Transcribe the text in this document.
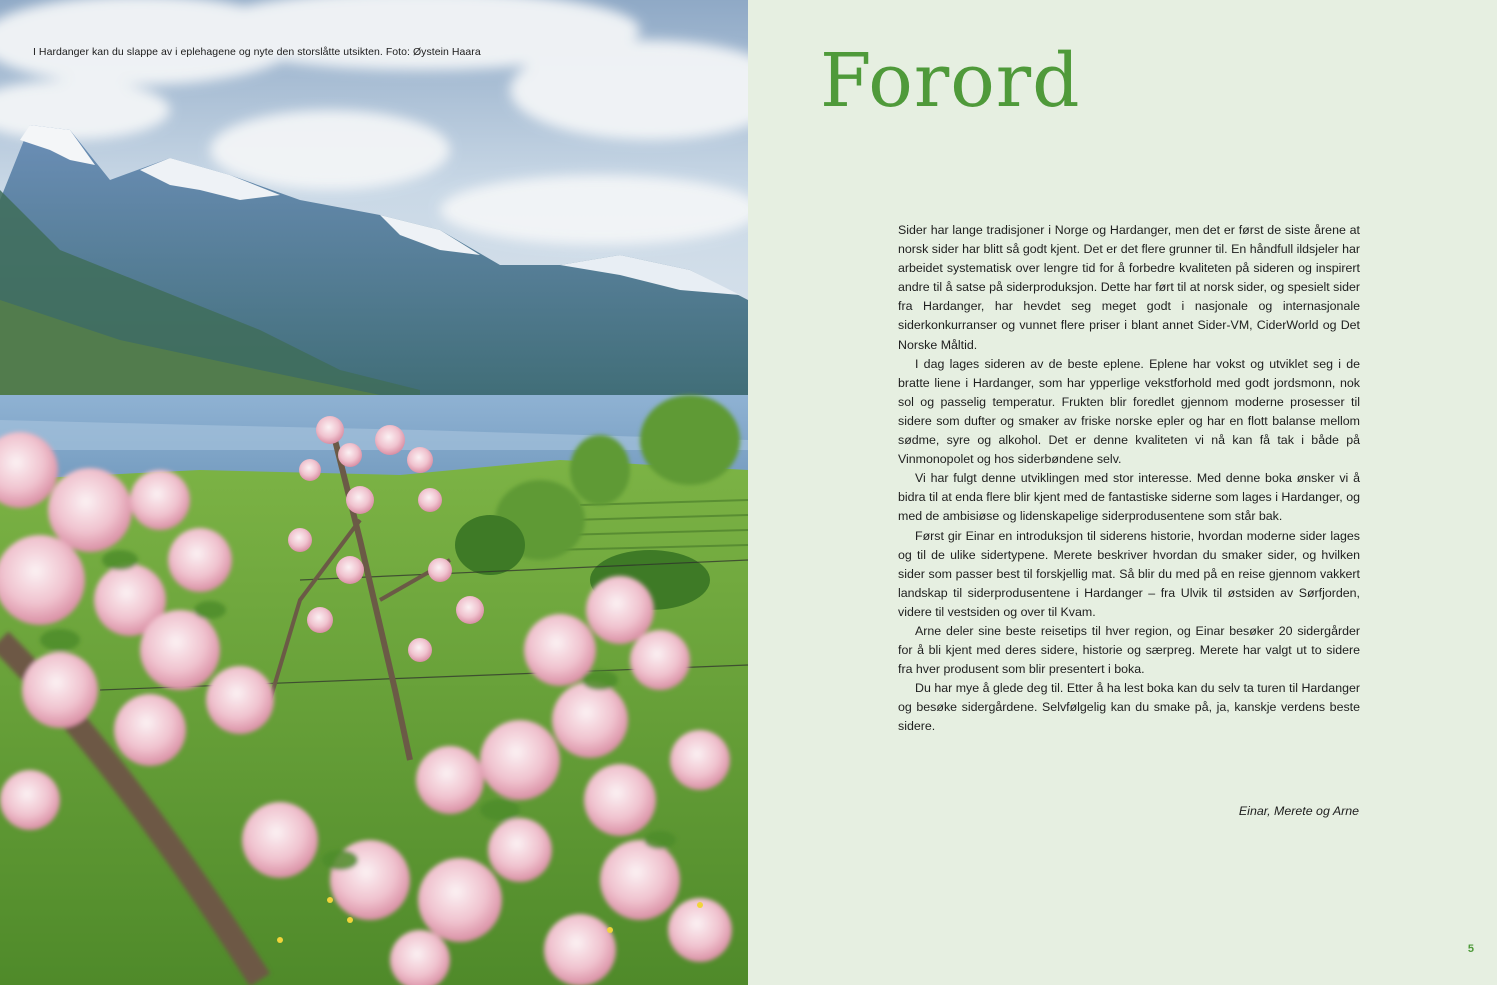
I Hardanger kan du slappe av i eplehagene og nyte den storslåtte utsikten. Foto: Øystein Haara	Forord

Sider har lange tradisjoner i Norge og Hardanger, men det er først de siste årene at norsk sider har blitt så godt kjent. Det er det flere grunner til. En håndfull ildsjeler har arbeidet systematisk over lengre tid for å forbedre kvaliteten på sideren og inspirert andre til å satse på siderproduksjon. Dette har ført til at norsk sider, og spesielt sider fra Hardanger, har hevdet seg meget godt i nasjonale og internasjonale siderkonkurranser og vunnet flere priser i blant annet Sider-VM, CiderWorld og Det Norske Måltid.

I dag lages sideren av de beste eplene. Eplene har vokst og utviklet seg i de bratte liene i Hardanger, som har ypperlige vekstforhold med godt jordsmonn, nok sol og passelig temperatur. Frukten blir foredlet gjennom moderne prosesser til sidere som dufter og smaker av friske norske epler og har en flott balanse mellom sødme, syre og alkohol. Det er denne kvaliteten vi nå kan få tak i både på Vinmonopolet og hos siderbøndene selv.

Vi har fulgt denne utviklingen med stor interesse. Med denne boka ønsker vi å bidra til at enda flere blir kjent med de fantastiske siderne som lages i Hardanger, og med de ambisiøse og lidenskapelige siderprodusentene som står bak.

Først gir Einar en introduksjon til siderens historie, hvordan moderne sider lages og til de ulike sidertypene. Merete beskriver hvordan du smaker sider, og hvilken sider som passer best til forskjellig mat. Så blir du med på en reise gjennom vakkert landskap til siderprodusentene i Hardanger – fra Ulvik til østsiden av Sørfjorden, videre til vestsiden og over til Kvam.

Arne deler sine beste reisetips til hver region, og Einar besøker 20 sidergårder for å bli kjent med deres sidere, historie og særpreg. Merete har valgt ut to sidere fra hver produsent som blir presentert i boka.

Du har mye å glede deg til. Etter å ha lest boka kan du selv ta turen til Hardanger og besøke sidergårdene. Selvfølgelig kan du smake på, ja, kanskje verdens beste sidere.

Einar, Merete og Arne
5
